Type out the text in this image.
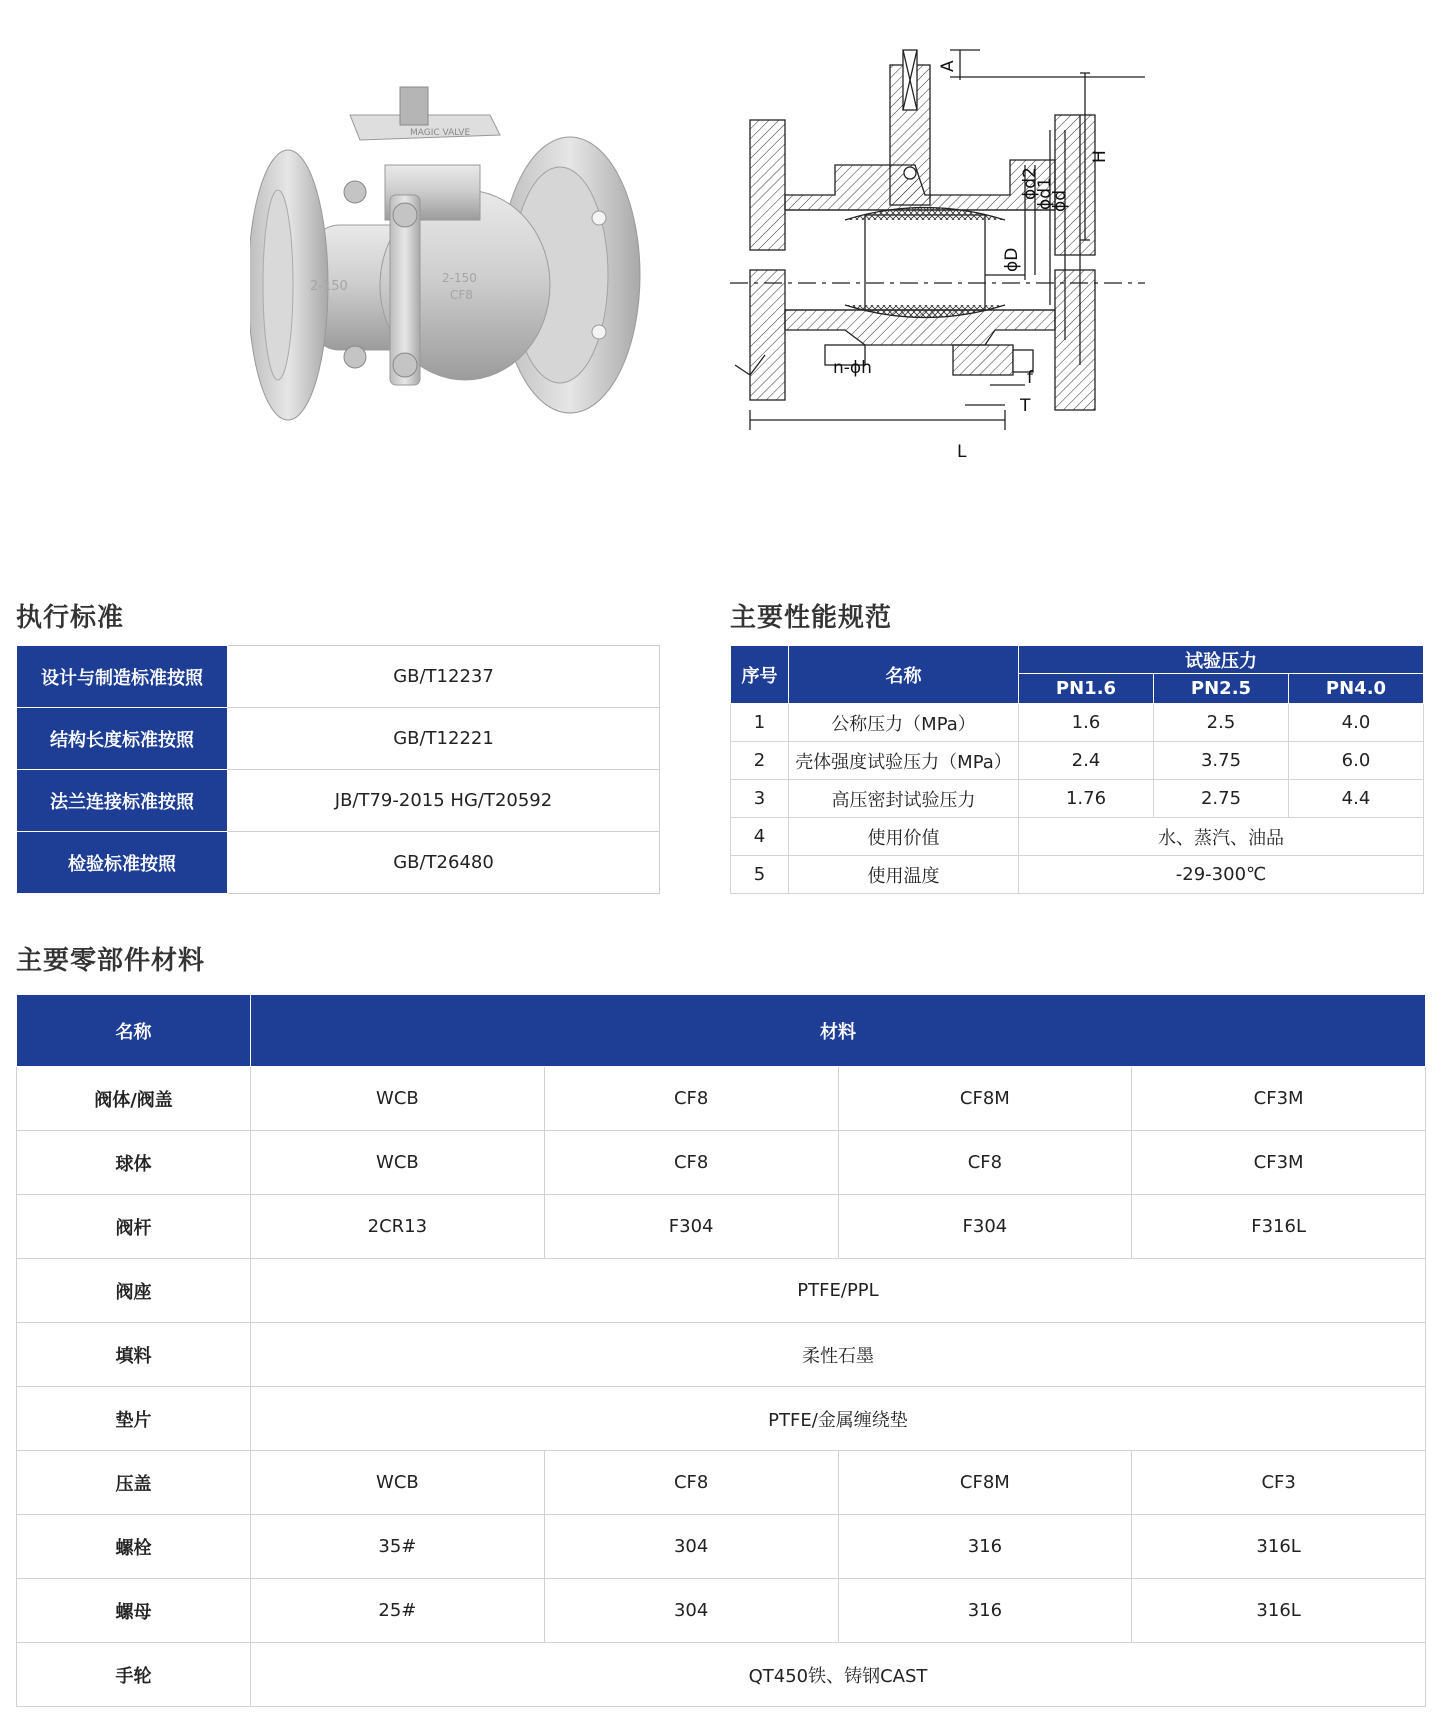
MAGIC VALVE
2-150
2-150
CF8
A
H
ϕd2
ϕd1
ϕd
ϕD
n-ϕh	f
T
L
执行标准
设计与制造标准按照	GB/T12237
结构长度标准按照	GB/T12221
法兰连接标准按照	JB/T79-2015 HG/T20592
检验标准按照	GB/T26480
主要性能规范
序号	名称	试验压力		
		PN1.6	PN2.5	PN4.0
1	公称压力（MPa）	1.6	2.5	4.0
2	壳体强度试验压力（MPa）	2.4	3.75	6.0
3	高压密封试验压力	1.76	2.75	4.4
4	使用价值	水、蒸汽、油品		
5	使用温度	-29-300℃		
主要零部件材料
名称	材料			
阀体/阀盖	WCB	CF8	CF8M	CF3M
球体	WCB	CF8	CF8	CF3M
阀杆	2CR13	F304	F304	F316L
阀座	PTFE/PPL			
填料	柔性石墨			
垫片	PTFE/金属缠绕垫			
压盖	WCB	CF8	CF8M	CF3
螺栓	35#	304	316	316L
螺母	25#	304	316	316L
手轮	QT450铁、铸钢CAST			
